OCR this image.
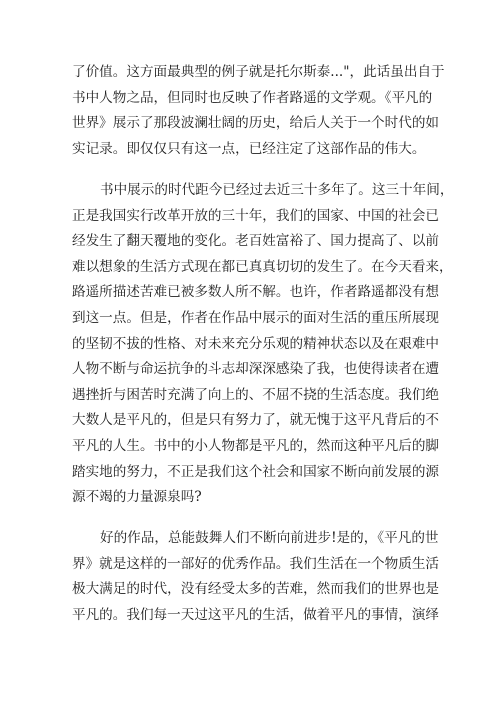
了价值。这方面最典型的例子就是托尔斯泰..."，此话虽出自于
书中人物之品，但同时也反映了作者路遥的文学观。《平凡的
世界》展示了那段波澜壮阔的历史，给后人关于一个时代的如
实记录。即仅仅只有这一点，已经注定了这部作品的伟大。
书中展示的时代距今已经过去近三十多年了。这三十年间，
正是我国实行改革开放的三十年，我们的国家、中国的社会已
经发生了翻天覆地的变化。老百姓富裕了、国力提高了、以前
难以想象的生活方式现在都已真真切切的发生了。在今天看来，
路遥所描述苦难已被多数人所不解。也许，作者路遥都没有想
到这一点。但是，作者在作品中展示的面对生活的重压所展现
的坚韧不拔的性格、对未来充分乐观的精神状态以及在艰难中
人物不断与命运抗争的斗志却深深感染了我，也使得读者在遭
遇挫折与困苦时充满了向上的、不屈不挠的生活态度。我们绝
大数人是平凡的，但是只有努力了，就无愧于这平凡背后的不
平凡的人生。书中的小人物都是平凡的，然而这种平凡后的脚
踏实地的努力，不正是我们这个社会和国家不断向前发展的源
源不竭的力量源泉吗?
好的作品，总能鼓舞人们不断向前进步!是的，《平凡的世
界》就是这样的一部好的优秀作品。我们生活在一个物质生活
极大满足的时代，没有经受太多的苦难，然而我们的世界也是
平凡的。我们每一天过这平凡的生活，做着平凡的事情，演绎
